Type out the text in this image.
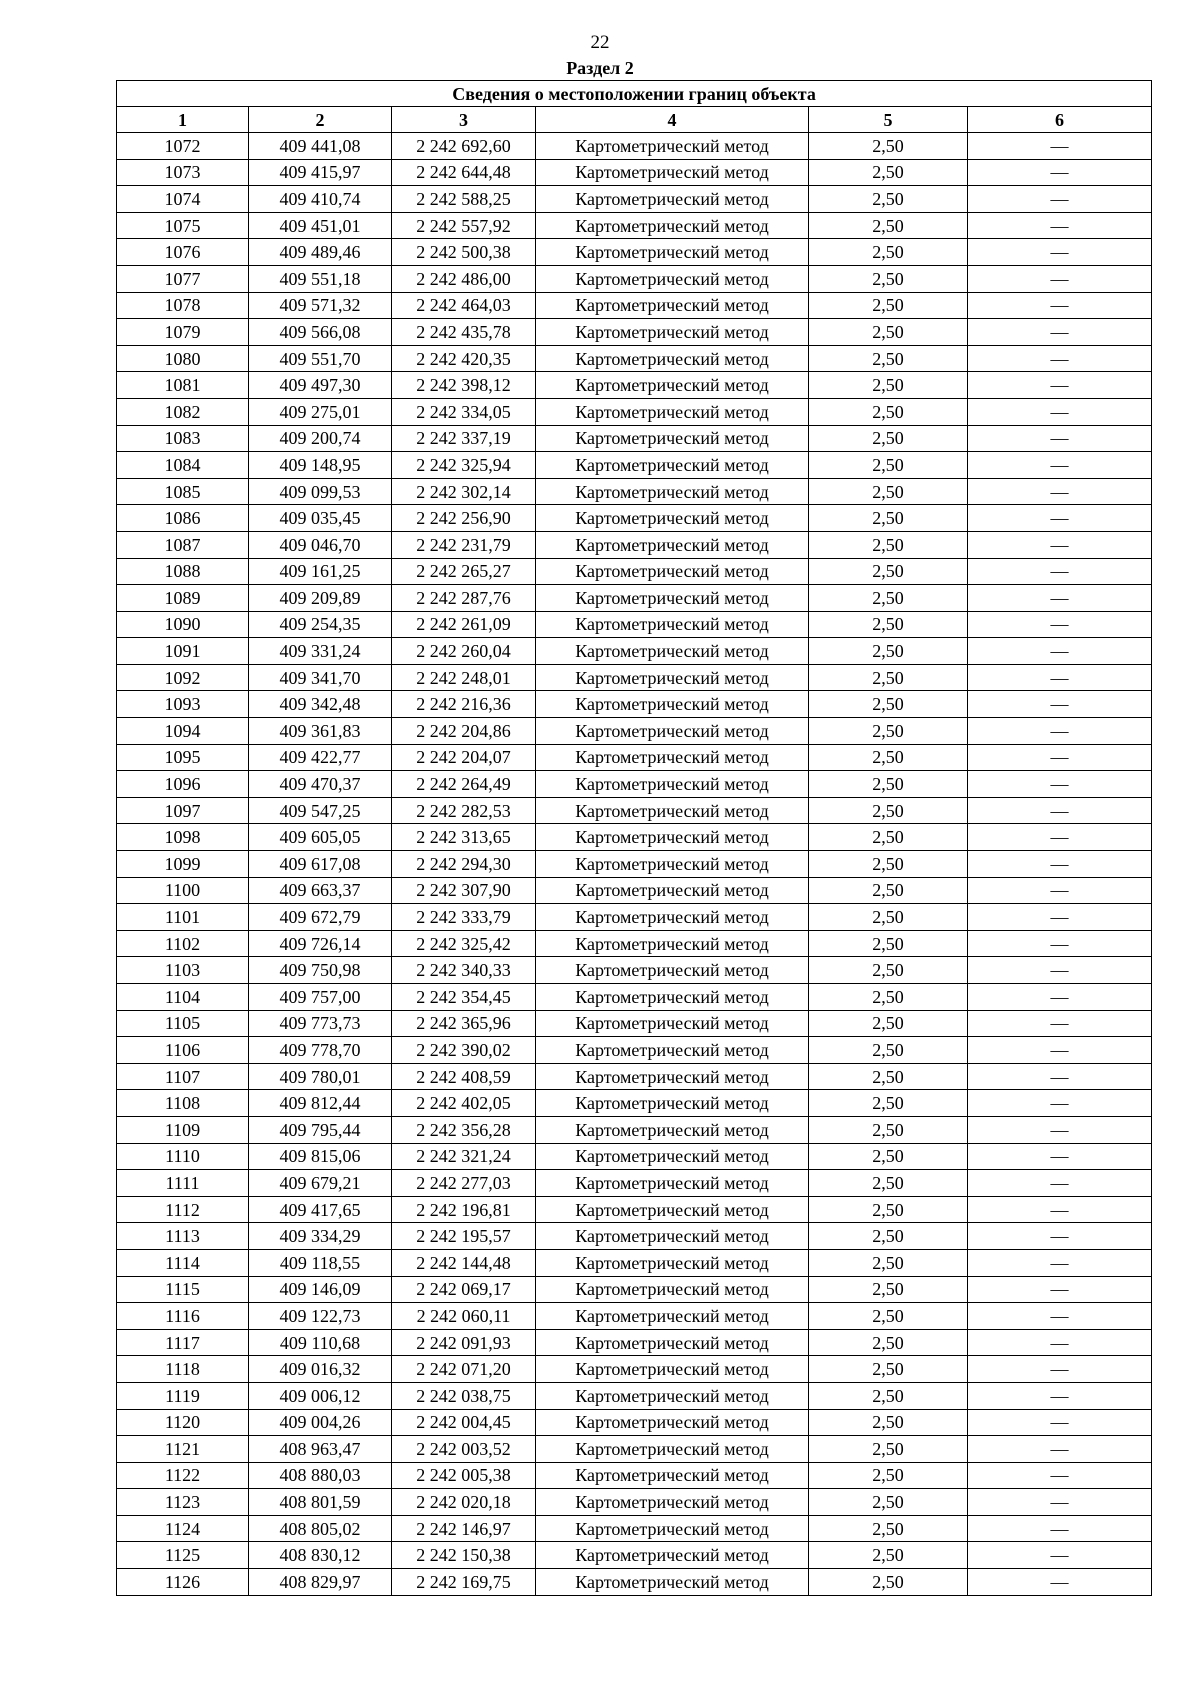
22
Раздел 2
Сведения о местоположении границ объекта					
1	2	3	4	5	6
1072	409 441,08	2 242 692,60	Картометрический метод	2,50	—
1073	409 415,97	2 242 644,48	Картометрический метод	2,50	—
1074	409 410,74	2 242 588,25	Картометрический метод	2,50	—
1075	409 451,01	2 242 557,92	Картометрический метод	2,50	—
1076	409 489,46	2 242 500,38	Картометрический метод	2,50	—
1077	409 551,18	2 242 486,00	Картометрический метод	2,50	—
1078	409 571,32	2 242 464,03	Картометрический метод	2,50	—
1079	409 566,08	2 242 435,78	Картометрический метод	2,50	—
1080	409 551,70	2 242 420,35	Картометрический метод	2,50	—
1081	409 497,30	2 242 398,12	Картометрический метод	2,50	—
1082	409 275,01	2 242 334,05	Картометрический метод	2,50	—
1083	409 200,74	2 242 337,19	Картометрический метод	2,50	—
1084	409 148,95	2 242 325,94	Картометрический метод	2,50	—
1085	409 099,53	2 242 302,14	Картометрический метод	2,50	—
1086	409 035,45	2 242 256,90	Картометрический метод	2,50	—
1087	409 046,70	2 242 231,79	Картометрический метод	2,50	—
1088	409 161,25	2 242 265,27	Картометрический метод	2,50	—
1089	409 209,89	2 242 287,76	Картометрический метод	2,50	—
1090	409 254,35	2 242 261,09	Картометрический метод	2,50	—
1091	409 331,24	2 242 260,04	Картометрический метод	2,50	—
1092	409 341,70	2 242 248,01	Картометрический метод	2,50	—
1093	409 342,48	2 242 216,36	Картометрический метод	2,50	—
1094	409 361,83	2 242 204,86	Картометрический метод	2,50	—
1095	409 422,77	2 242 204,07	Картометрический метод	2,50	—
1096	409 470,37	2 242 264,49	Картометрический метод	2,50	—
1097	409 547,25	2 242 282,53	Картометрический метод	2,50	—
1098	409 605,05	2 242 313,65	Картометрический метод	2,50	—
1099	409 617,08	2 242 294,30	Картометрический метод	2,50	—
1100	409 663,37	2 242 307,90	Картометрический метод	2,50	—
1101	409 672,79	2 242 333,79	Картометрический метод	2,50	—
1102	409 726,14	2 242 325,42	Картометрический метод	2,50	—
1103	409 750,98	2 242 340,33	Картометрический метод	2,50	—
1104	409 757,00	2 242 354,45	Картометрический метод	2,50	—
1105	409 773,73	2 242 365,96	Картометрический метод	2,50	—
1106	409 778,70	2 242 390,02	Картометрический метод	2,50	—
1107	409 780,01	2 242 408,59	Картометрический метод	2,50	—
1108	409 812,44	2 242 402,05	Картометрический метод	2,50	—
1109	409 795,44	2 242 356,28	Картометрический метод	2,50	—
1110	409 815,06	2 242 321,24	Картометрический метод	2,50	—
1111	409 679,21	2 242 277,03	Картометрический метод	2,50	—
1112	409 417,65	2 242 196,81	Картометрический метод	2,50	—
1113	409 334,29	2 242 195,57	Картометрический метод	2,50	—
1114	409 118,55	2 242 144,48	Картометрический метод	2,50	—
1115	409 146,09	2 242 069,17	Картометрический метод	2,50	—
1116	409 122,73	2 242 060,11	Картометрический метод	2,50	—
1117	409 110,68	2 242 091,93	Картометрический метод	2,50	—
1118	409 016,32	2 242 071,20	Картометрический метод	2,50	—
1119	409 006,12	2 242 038,75	Картометрический метод	2,50	—
1120	409 004,26	2 242 004,45	Картометрический метод	2,50	—
1121	408 963,47	2 242 003,52	Картометрический метод	2,50	—
1122	408 880,03	2 242 005,38	Картометрический метод	2,50	—
1123	408 801,59	2 242 020,18	Картометрический метод	2,50	—
1124	408 805,02	2 242 146,97	Картометрический метод	2,50	—
1125	408 830,12	2 242 150,38	Картометрический метод	2,50	—
1126	408 829,97	2 242 169,75	Картометрический метод	2,50	—
